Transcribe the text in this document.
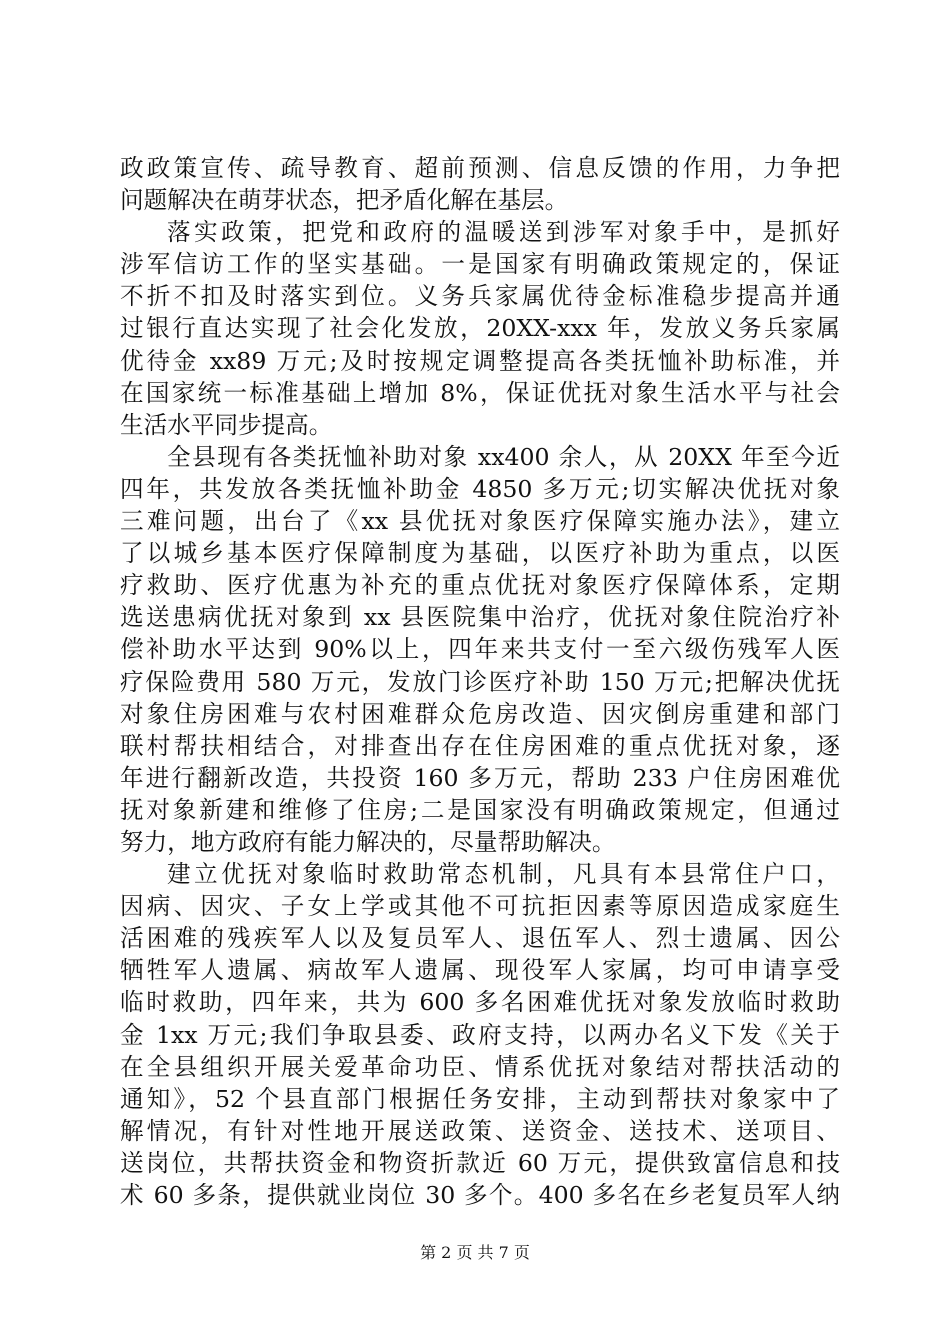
政政策宣传、疏导教育、超前预测、信息反馈的作用，力争把
问题解决在萌芽状态，把矛盾化解在基层。
落实政策，把党和政府的温暖送到涉军对象手中，是抓好
涉军信访工作的坚实基础。一是国家有明确政策规定的，保证
不折不扣及时落实到位。义务兵家属优待金标准稳步提高并通
过银行直达实现了社会化发放，20XX-xxx 年，发放义务兵家属
优待金 xx89 万元;及时按规定调整提高各类抚恤补助标准，并
在国家统一标准基础上增加 8%，保证优抚对象生活水平与社会
生活水平同步提高。
全县现有各类抚恤补助对象 xx400 余人，从 20XX 年至今近
四年，共发放各类抚恤补助金 4850 多万元;切实解决优抚对象
三难问题，出台了《xx 县优抚对象医疗保障实施办法》，建立
了以城乡基本医疗保障制度为基础，以医疗补助为重点，以医
疗救助、医疗优惠为补充的重点优抚对象医疗保障体系，定期
选送患病优抚对象到 xx 县医院集中治疗，优抚对象住院治疗补
偿补助水平达到 90%以上，四年来共支付一至六级伤残军人医
疗保险费用 580 万元，发放门诊医疗补助 150 万元;把解决优抚
对象住房困难与农村困难群众危房改造、因灾倒房重建和部门
联村帮扶相结合，对排查出存在住房困难的重点优抚对象，逐
年进行翻新改造，共投资 160 多万元，帮助 233 户住房困难优
抚对象新建和维修了住房;二是国家没有明确政策规定，但通过
努力，地方政府有能力解决的，尽量帮助解决。
建立优抚对象临时救助常态机制，凡具有本县常住户口，
因病、因灾、子女上学或其他不可抗拒因素等原因造成家庭生
活困难的残疾军人以及复员军人、退伍军人、烈士遗属、因公
牺牲军人遗属、病故军人遗属、现役军人家属，均可申请享受
临时救助，四年来，共为 600 多名困难优抚对象发放临时救助
金 1xx 万元;我们争取县委、政府支持，以两办名义下发《关于
在全县组织开展关爱革命功臣、情系优抚对象结对帮扶活动的
通知》，52 个县直部门根据任务安排，主动到帮扶对象家中了
解情况，有针对性地开展送政策、送资金、送技术、送项目、
送岗位，共帮扶资金和物资折款近 60 万元，提供致富信息和技
术 60 多条，提供就业岗位 30 多个。400 多名在乡老复员军人纳
第 2 页 共 7 页
